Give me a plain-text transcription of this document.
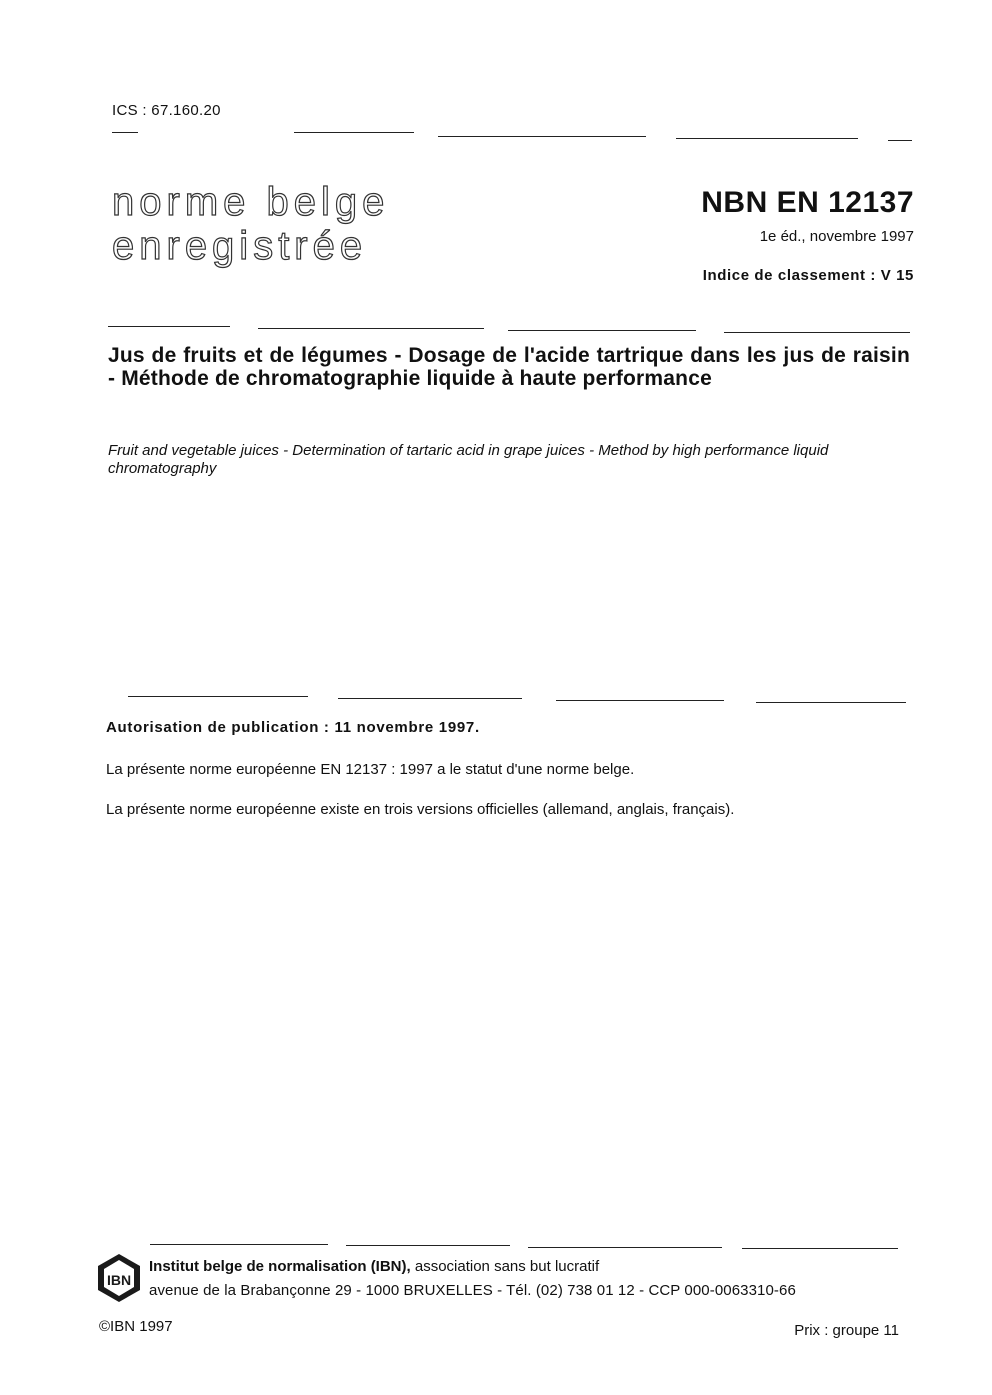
ICS : 67.160.20
norme belge
enregistrée
NBN EN 12137
1e éd., novembre 1997
Indice de classement : V 15
Jus de fruits et de légumes - Dosage de l'acide tartrique dans les jus de raisin - Méthode de chromatographie liquide à haute performance
Fruit and vegetable juices - Determination of tartaric acid in grape juices - Method by high performance liquid chromatography
Autorisation de publication : 11 novembre 1997.
La présente norme européenne EN 12137 : 1997 a le statut d'une norme belge.
La présente norme européenne existe en trois versions officielles (allemand, anglais, français).
IBN
Institut belge de normalisation (IBN), association sans but lucratif
avenue de la Brabançonne 29 - 1000 BRUXELLES - Tél. (02) 738 01 12 - CCP 000-0063310-66
©IBN 1997	Prix : groupe 11
